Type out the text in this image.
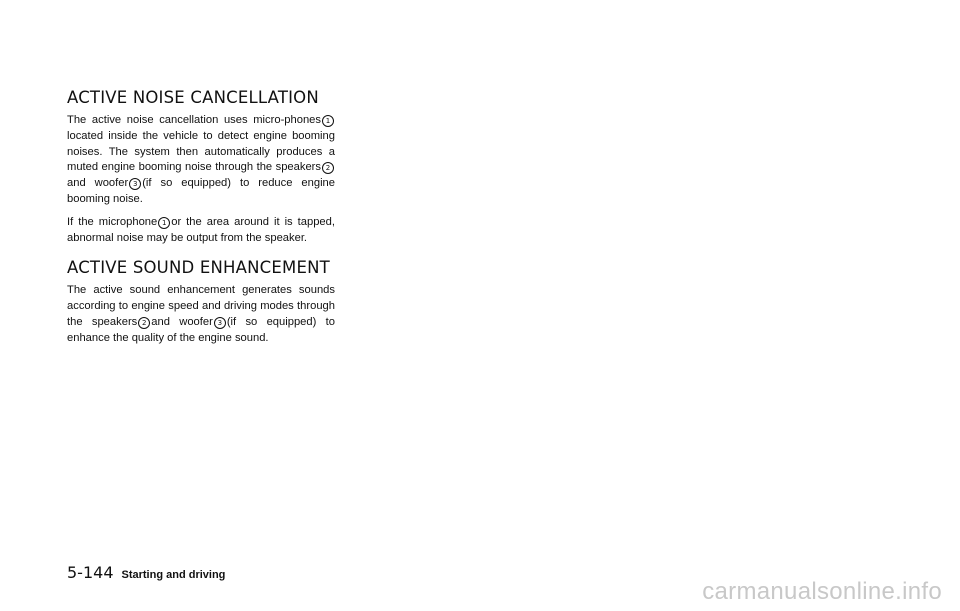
ACTIVE NOISE CANCELLATION

The active noise cancellation uses micro-phones 1located inside the vehicle to detect engine booming noises. The system then automatically produces a muted engine booming noise through the speakers 2and woofer 3 (if so equipped) to reduce engine booming noise.

If the microphone 1 or the area around it is tapped, abnormal noise may be output from the speaker.

ACTIVE SOUND ENHANCEMENT

The active sound enhancement generates sounds according to engine speed and driving modes through the speakers 2 and woofer 3 (if so equipped) to enhance the quality of the engine sound.

5-144 Starting and driving
carmanualsonline.info
